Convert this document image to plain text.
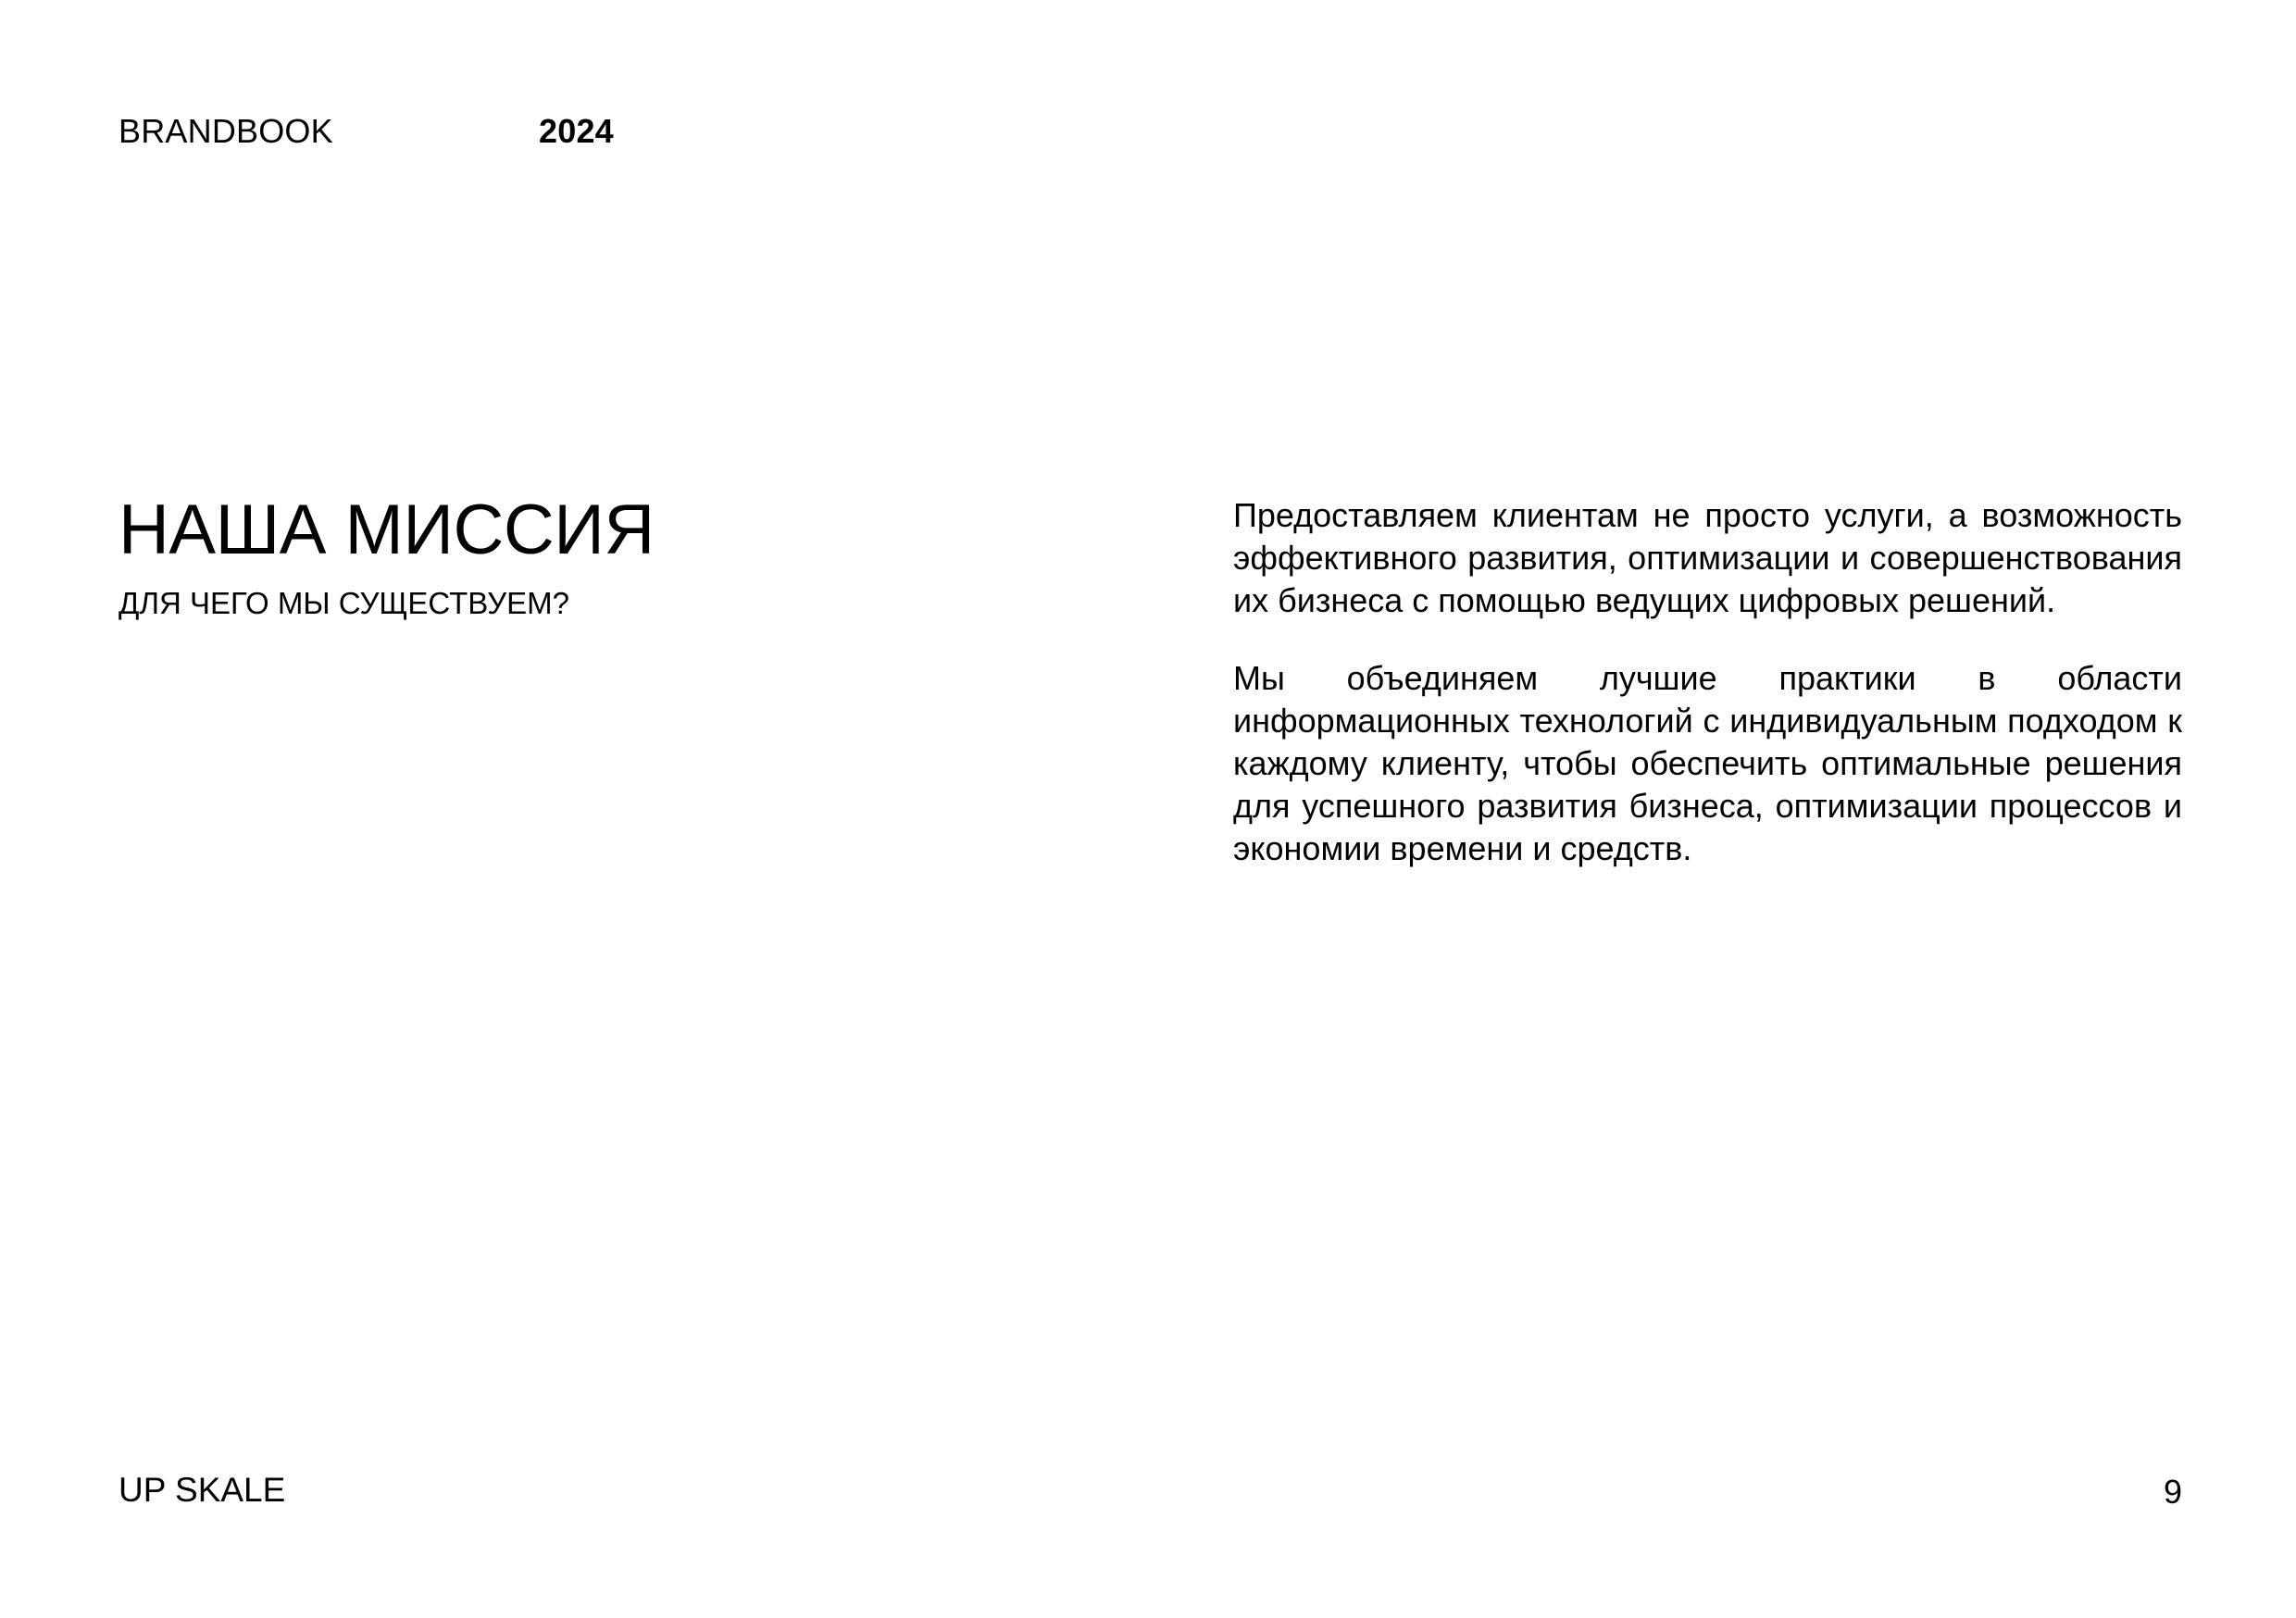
BRANDBOOK	2024
НАША МИССИЯ

ДЛЯ ЧЕГО МЫ СУЩЕСТВУЕМ?

Предоставляем клиентам не просто услуги, а возможность эффективного развития, оптимизации и совершенствования их бизнеса с помощью ведущих цифровых решений.

Мы объединяем лучшие практики в области информационных технологий с индивидуальным подходом к каждому клиенту, чтобы обеспечить оптимальные решения для успешного развития бизнеса, оптимизации процессов и экономии времени и средств.

UP SKALE	9
